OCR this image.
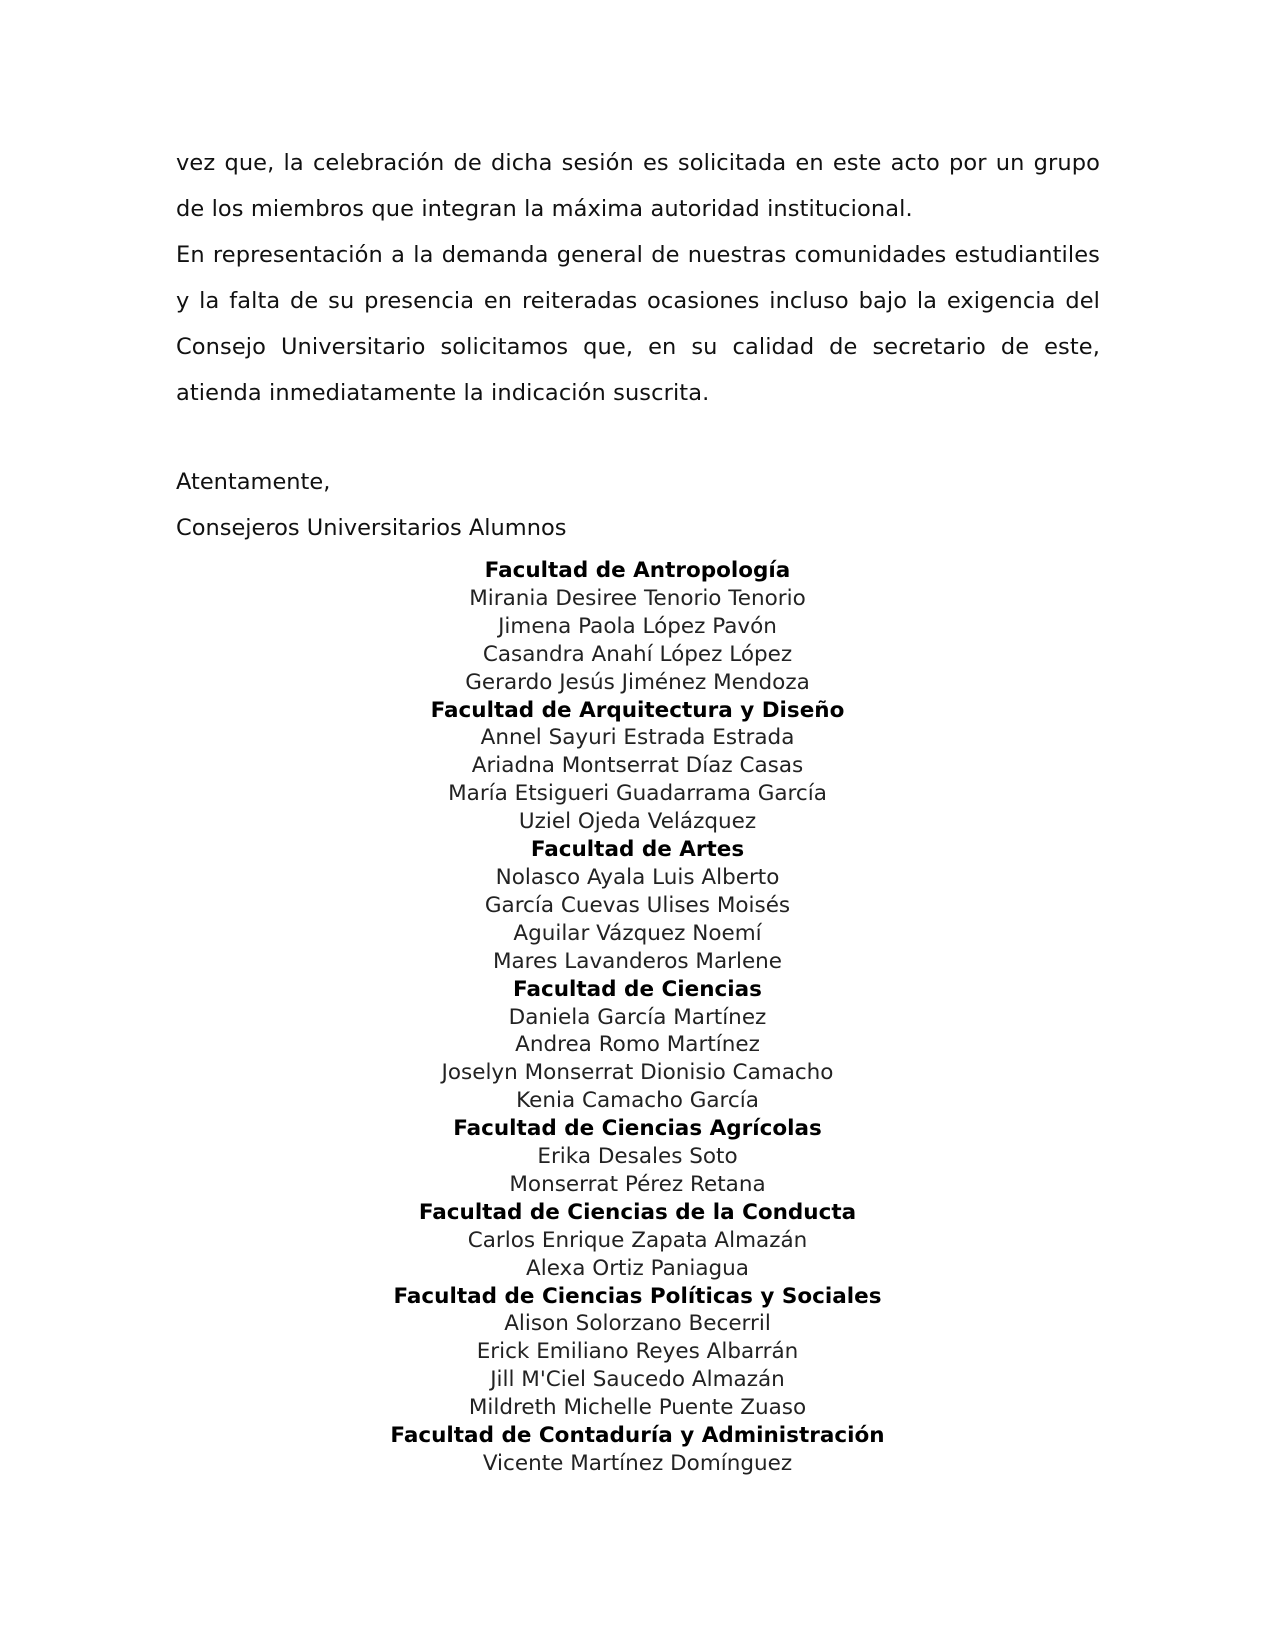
vez que, la celebración de dicha sesión es solicitada en este acto por un grupo de los miembros que integran la máxima autoridad institucional.

En representación a la demanda general de nuestras comunidades estudiantiles y la falta de su presencia en reiteradas ocasiones incluso bajo la exigencia del Consejo Universitario solicitamos que, en su calidad de secretario de este, atienda inmediatamente la indicación suscrita.

Atentamente,
Consejeros Universitarios Alumnos
Facultad de Antropología
Mirania Desiree Tenorio Tenorio
Jimena Paola López Pavón
Casandra Anahí López López
Gerardo Jesús Jiménez Mendoza
Facultad de Arquitectura y Diseño
Annel Sayuri Estrada Estrada
Ariadna Montserrat Díaz Casas
María Etsigueri Guadarrama García
Uziel Ojeda Velázquez
Facultad de Artes
Nolasco Ayala Luis Alberto
García Cuevas Ulises Moisés
Aguilar Vázquez Noemí
Mares Lavanderos Marlene
Facultad de Ciencias
Daniela García Martínez
Andrea Romo Martínez
Joselyn Monserrat Dionisio Camacho
Kenia Camacho García
Facultad de Ciencias Agrícolas
Erika Desales Soto
Monserrat Pérez Retana
Facultad de Ciencias de la Conducta
Carlos Enrique Zapata Almazán
Alexa Ortiz Paniagua
Facultad de Ciencias Políticas y Sociales
Alison Solorzano Becerril
Erick Emiliano Reyes Albarrán
Jill M'Ciel Saucedo Almazán
Mildreth Michelle Puente Zuaso
Facultad de Contaduría y Administración
Vicente Martínez Domínguez
